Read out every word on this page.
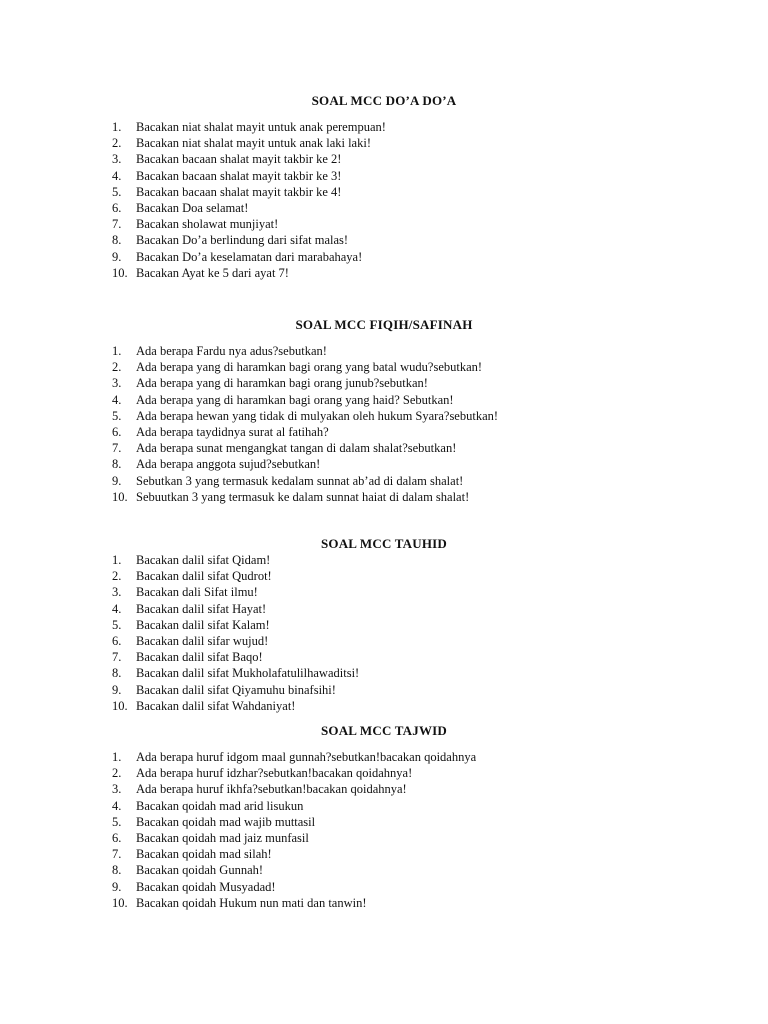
SOAL MCC DO’A DO’A
1.	Bacakan niat shalat mayit untuk anak perempuan!
2.	Bacakan niat shalat mayit untuk anak laki laki!
3.	Bacakan bacaan shalat mayit takbir ke 2!
4.	Bacakan bacaan shalat mayit takbir ke 3!
5.	Bacakan bacaan shalat mayit takbir ke 4!
6.	Bacakan Doa selamat!
7.	Bacakan sholawat munjiyat!
8.	Bacakan Do’a berlindung dari sifat malas!
9.	Bacakan Do’a keselamatan dari marabahaya!
10. Bacakan Ayat ke 5 dari ayat 7!
SOAL MCC FIQIH/SAFINAH
1.	Ada berapa Fardu nya adus?sebutkan!
2.	Ada berapa yang di haramkan bagi orang yang batal wudu?sebutkan!
3.	Ada berapa yang di haramkan bagi orang junub?sebutkan!
4.	Ada berapa yang di haramkan bagi orang yang haid? Sebutkan!
5.	Ada berapa hewan yang tidak di mulyakan oleh hukum Syara?sebutkan!
6.	Ada berapa taydidnya surat al fatihah?
7.	Ada berapa sunat mengangkat tangan di dalam shalat?sebutkan!
8.	Ada berapa anggota sujud?sebutkan!
9.	Sebutkan 3 yang termasuk kedalam sunnat ab’ad di dalam shalat!
10. Sebuutkan 3 yang termasuk ke dalam sunnat haiat di dalam shalat!
SOAL MCC TAUHID
1.	Bacakan dalil sifat Qidam!
2.	Bacakan dalil sifat Qudrot!
3.	Bacakan dali Sifat ilmu!
4.	Bacakan dalil sifat Hayat!
5.	Bacakan dalil sifat Kalam!
6.	Bacakan dalil sifar wujud!
7.	Bacakan dalil sifat Baqo!
8.	Bacakan dalil sifat Mukholafatulilhawaditsi!
9.	Bacakan dalil sifat Qiyamuhu binafsihi!
10. Bacakan dalil sifat Wahdaniyat!
SOAL MCC TAJWID
1.	Ada berapa huruf idgom maal gunnah?sebutkan!bacakan qoidahnya
2.	Ada berapa huruf idzhar?sebutkan!bacakan qoidahnya!
3.	Ada berapa huruf ikhfa?sebutkan!bacakan qoidahnya!
4.	Bacakan qoidah mad arid lisukun
5.	Bacakan qoidah mad wajib muttasil
6.	Bacakan qoidah mad jaiz munfasil
7.	Bacakan qoidah mad silah!
8.	Bacakan qoidah Gunnah!
9.	Bacakan qoidah Musyadad!
10. Bacakan qoidah Hukum nun mati dan tanwin!
